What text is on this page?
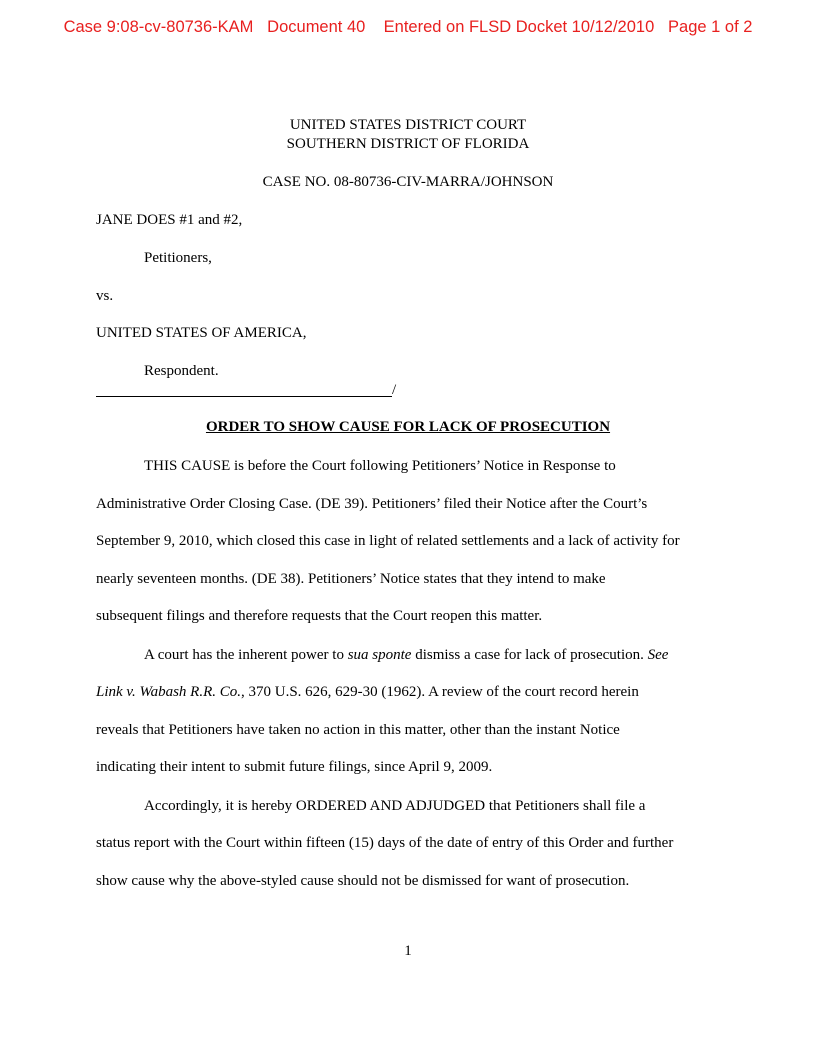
Case 9:08-cv-80736-KAM Document 40 Entered on FLSD Docket 10/12/2010 Page 1 of 2
UNITED STATES DISTRICT COURT
SOUTHERN DISTRICT OF FLORIDA
CASE NO. 08-80736-CIV-MARRA/JOHNSON
JANE DOES #1 and #2,
Petitioners,
vs.
UNITED STATES OF AMERICA,
Respondent.
/
ORDER TO SHOW CAUSE FOR LACK OF PROSECUTION
THIS CAUSE is before the Court following Petitioners’ Notice in Response to
Administrative Order Closing Case. (DE 39). Petitioners’ filed their Notice after the Court’s
September 9, 2010, which closed this case in light of related settlements and a lack of activity for
nearly seventeen months. (DE 38). Petitioners’ Notice states that they intend to make
subsequent filings and therefore requests that the Court reopen this matter.
A court has the inherent power to sua sponte dismiss a case for lack of prosecution. See
Link v. Wabash R.R. Co., 370 U.S. 626, 629-30 (1962). A review of the court record herein
reveals that Petitioners have taken no action in this matter, other than the instant Notice
indicating their intent to submit future filings, since April 9, 2009.
Accordingly, it is hereby ORDERED AND ADJUDGED that Petitioners shall file a
status report with the Court within fifteen (15) days of the date of entry of this Order and further
show cause why the above-styled cause should not be dismissed for want of prosecution.
1
